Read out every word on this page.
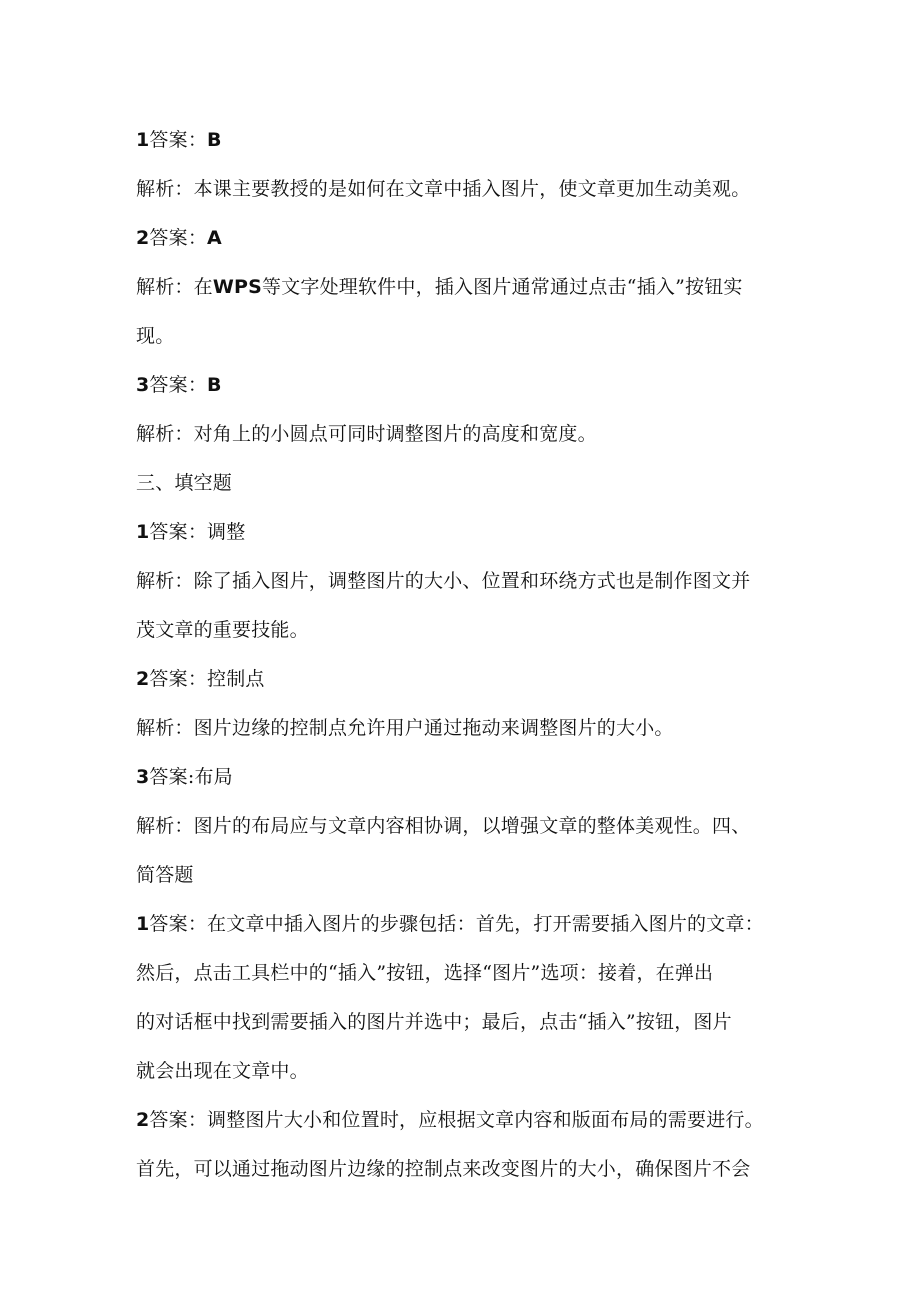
1答案：B
解析：本课主要教授的是如何在文章中插入图片，使文章更加生动美观。
2答案：A
解析：在WPS等文字处理软件中，插入图片通常通过点击“插入”按钮实
现。
3答案：B
解析：对角上的小圆点可同时调整图片的高度和宽度。
三、填空题
1答案：调整
解析：除了插入图片，调整图片的大小、位置和环绕方式也是制作图文并
茂文章的重要技能。
2答案：控制点
解析：图片边缘的控制点允许用户通过拖动来调整图片的大小。
3答案:布局
解析：图片的布局应与文章内容相协调，以增强文章的整体美观性。四、
简答题
1答案：在文章中插入图片的步骤包括：首先，打开需要插入图片的文章：
然后，点击工具栏中的“插入”按钮，选择“图片”选项：接着，在弹出
的对话框中找到需要插入的图片并选中；最后，点击“插入”按钮，图片
就会出现在文章中。
2答案：调整图片大小和位置时，应根据文章内容和版面布局的需要进行。
首先，可以通过拖动图片边缘的控制点来改变图片的大小，确保图片不会
